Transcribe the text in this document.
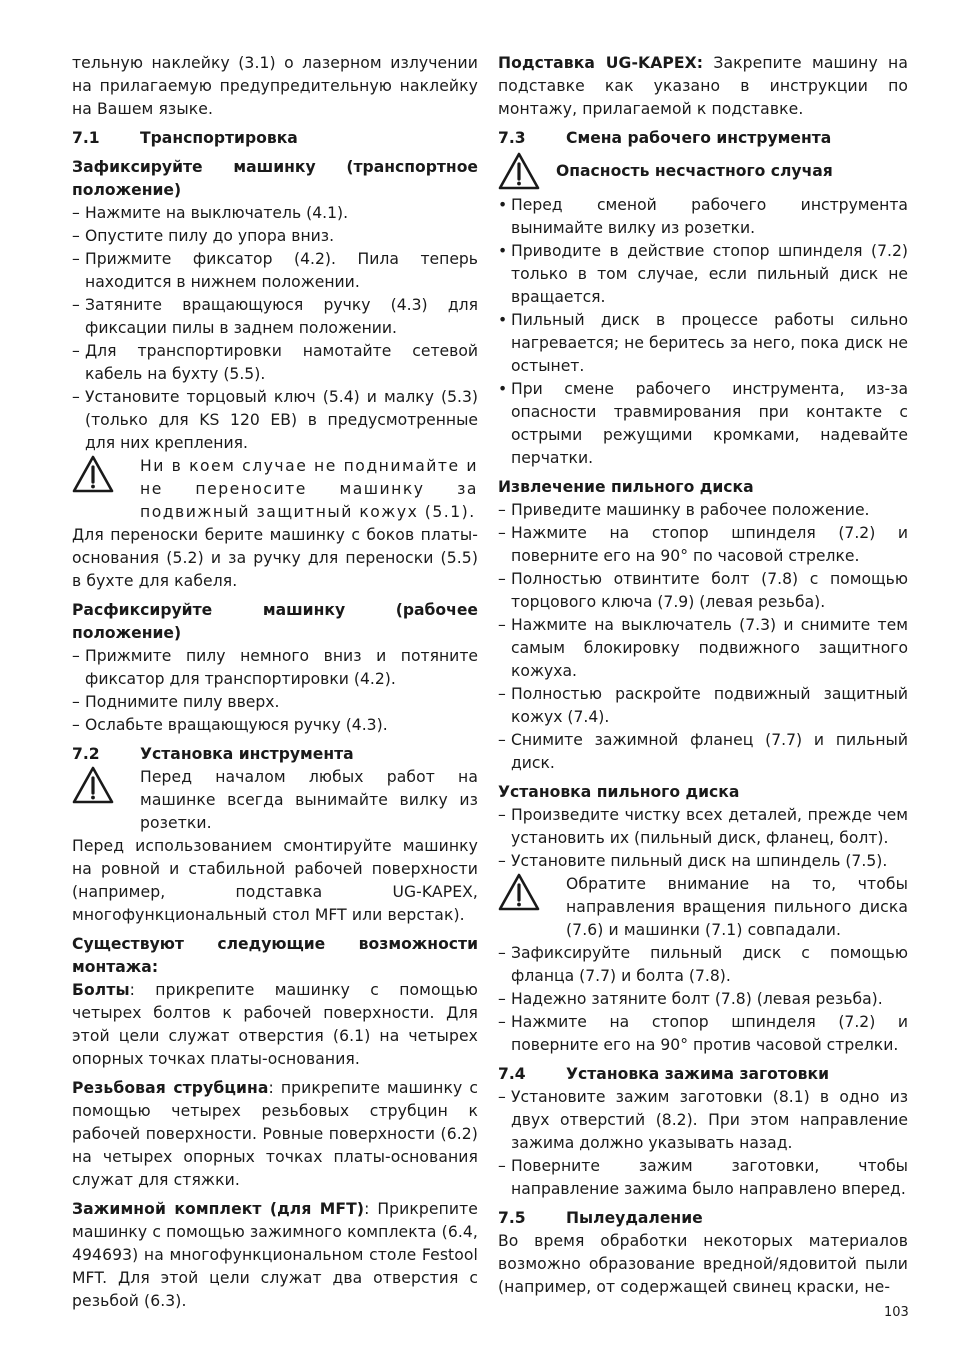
тельную наклейку (3.1) о лазерном излучении на прилагаемую предупредительную наклейку на Вашем языке.

7.1	Транспортировка
Зафиксируйте машинку (транспортное положение)
– Нажмите на выключатель (4.1).
– Опустите пилу до упора вниз.
– Прижмите фиксатор (4.2). Пила теперь находится в нижнем положении.
– Затяните вращающуюся ручку (4.3) для фиксации пилы в заднем положении.
– Для транспортировки намотайте сетевой кабель на бухту (5.5).
– Установите торцовый ключ (5.4) и малку (5.3) (только для KS 120 EB) в предусмотренные для них крепления.

Ни в коем случае не поднимайте и не переносите машинку за подвижный защитный кожух (5.1).

Для переноски берите машинку с боков платы-основания (5.2) и за ручку для переноски (5.5) в бухте для кабеля.

Расфиксируйте машинку (рабочее положение)
– Прижмите пилу немного вниз и потяните фиксатор для транспортировки (4.2).
– Поднимите пилу вверх.
– Ослабьте вращающуюся ручку (4.3).
7.2	Установка инструмента

Перед началом любых работ на машинке всегда вынимайте вилку из розетки.

Перед использованием смонтируйте машинку на ровной и стабильной рабочей поверхности (например, подставка UG-KAPEX, многофункциональный стол MFT или верстак).

Существуют следующие возможности монтажа:

Болты: прикрепите машинку с помощью четырех болтов к рабочей поверхности. Для этой цели служат отверстия (6.1) на четырех опорных точках платы-основания.

Резьбовая струбцина: прикрепите машинку с помощью четырех резьбовых струбцин к рабочей поверхности. Ровные поверхности (6.2) на четырех опорных точках платы-основания служат для стяжки.

Зажимной комплект (для MFT): Прикрепите машинку с помощью зажимного комплекта (6.4, 494693) на многофункциональном столе Festool MFT. Для этой цели служат два отверстия с резьбой (6.3).

Подставка UG-KAPEX: Закрепите машину на подставке как указано в инструкции по монтажу, прилагаемой к подставке.

7.3	Смена рабочего инструмента
Опасность несчастного случая
• Перед сменой рабочего инструмента вынимайте вилку из розетки.
• Приводите в действие стопор шпинделя (7.2) только в том случае, если пильный диск не вращается.
• Пильный диск в процессе работы сильно нагревается; не беритесь за него, пока диск не остынет.
• При смене рабочего инструмента, из-за опасности травмирования при контакте с острыми режущими кромками, надевайте перчатки.
Извлечение пильного диска
– Приведите машинку в рабочее положение.
– Нажмите на стопор шпинделя (7.2) и поверните его на 90° по часовой стрелке.
– Полностью отвинтите болт (7.8) с помощью торцового ключа (7.9) (левая резьба).
– Нажмите на выключатель (7.3) и снимите тем самым блокировку подвижного защитного кожуха.
– Полностью раскройте подвижный защитный кожух (7.4).
– Снимите зажимной фланец (7.7) и пильный диск.
Установка пильного диска
– Произведите чистку всех деталей, прежде чем установить их (пильный диск, фланец, болт).
– Установите пильный диск на шпиндель (7.5).

Обратите внимание на то, чтобы направления вращения пильного диска (7.6) и машинки (7.1) совпадали.

– Зафиксируйте пильный диск с помощью фланца (7.7) и болта (7.8).
– Надежно затяните болт (7.8) (левая резьба).
– Нажмите на стопор шпинделя (7.2) и поверните его на 90° против часовой стрелки.
7.4	Установка зажима заготовки
– Установите зажим заготовки (8.1) в одно из двух отверстий (8.2). При этом направление зажима должно указывать назад.
– Поверните зажим заготовки, чтобы направление зажима было направлено вперед.
7.5	Пылеудаление

Во время обработки некоторых материалов возможно образование вредной/ядовитой пыли (например, от содержащей свинец краски, не-

103
